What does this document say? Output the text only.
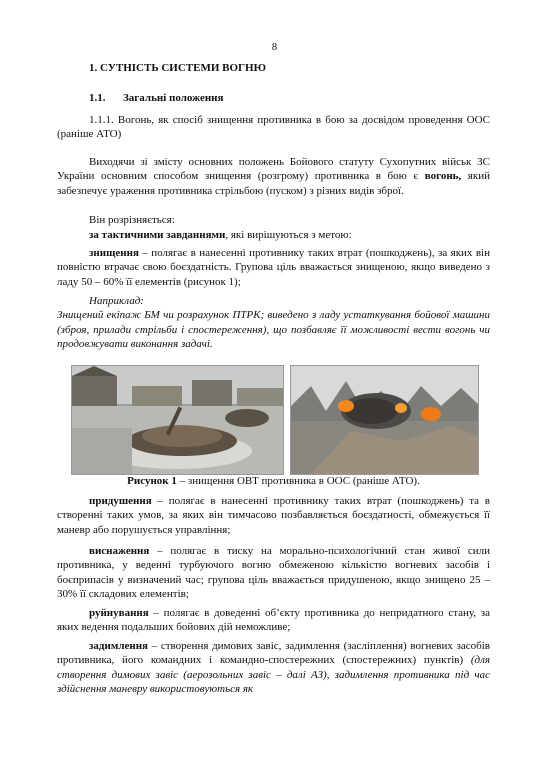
8
1. СУТНІСТЬ СИСТЕМИ ВОГНЮ
1.1. Загальні положення
1.1.1. Вогонь, як спосіб знищення противника в бою за досвідом проведення ООС (раніше АТО)
Виходячи зі змісту основних положень Бойового статуту Сухопутних військ ЗС України основним способом знищення (розгрому) противника в бою є вогонь, який забезпечує ураження противника стрільбою (пуском) з різних видів зброї.
Він розрізняється:
за тактичними завданнями, які вирішуються з метою:
знищення – полягає в нанесенні противнику таких втрат (пошкоджень), за яких він повністю втрачає свою боєздатність. Групова ціль вважається знищеною, якщо виведено з ладу 50 – 60% її елементів (рисунок 1);
Наприклад:
Знищений екіпаж БМ чи розрахунок ПТРК; виведено з ладу устаткування бойової машини (зброя, прилади стрільби і спостереження), що позбавляє її можливості вести вогонь чи продовжувати виконання задачі.
Рисунок 1 – знищення ОВТ противника в ООС (раніше АТО).
придушення – полягає в нанесенні противнику таких втрат (пошкоджень) та в створенні таких умов, за яких він тимчасово позбавляється боєздатності, обмежується її маневр або порушується управління;
виснаження – полягає в тиску на морально-психологічний стан живої сили противника, у веденні турбуючого вогню обмеженою кількістю вогневих засобів і боєприпасів у визначений час; групова ціль вважається придушеною, якщо знищено 25 – 30% її складових елементів;
руйнування – полягає в доведенні об’єкту противника до непридатного стану, за яких ведення подальших бойових дій неможливе;
задимлення – створення димових завіс, задимлення (засліплення) вогневих засобів противника, його командних і командно-спостережних (спостережних) пунктів) (для створення димових завіс (аерозольних завіс – далі АЗ), задимлення противника під час здійснення маневру використовуються як
